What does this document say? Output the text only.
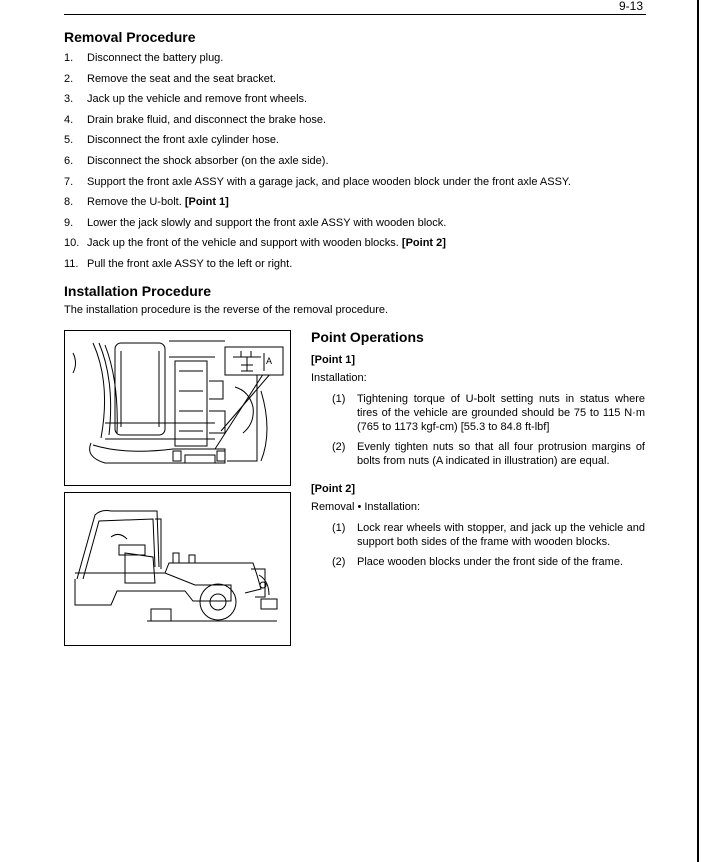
9-13
Removal Procedure
1.	Disconnect the battery plug.
2.	Remove the seat and the seat bracket.
3.	Jack up the vehicle and remove front wheels.
4.	Drain brake fluid, and disconnect the brake hose.
5.	Disconnect the front axle cylinder hose.
6.	Disconnect the shock absorber (on the axle side).
7.	Support the front axle ASSY with a garage jack, and place wooden block under the front axle ASSY.
8.	Remove the U-bolt. [Point 1]
9.	Lower the jack slowly and support the front axle ASSY with wooden block.
10. Jack up the front of the vehicle and support with wooden blocks. [Point 2]
11. Pull the front axle ASSY to the left or right.
Installation Procedure
The installation procedure is the reverse of the removal procedure.
A
Point Operations
[Point 1]
Installation:
(1) Tightening torque of U-bolt setting nuts in status where tires of the vehicle are grounded should be 75 to 115 N·m (765 to 1173 kgf-cm) [55.3 to 84.8 ft-lbf]
(2) Evenly tighten nuts so that all four protrusion margins of bolts from nuts (A indicated in illustration) are equal.
[Point 2]
Removal • Installation:
(1) Lock rear wheels with stopper, and jack up the vehicle and support both sides of the frame with wooden blocks.
(2) Place wooden blocks under the front side of the frame.
